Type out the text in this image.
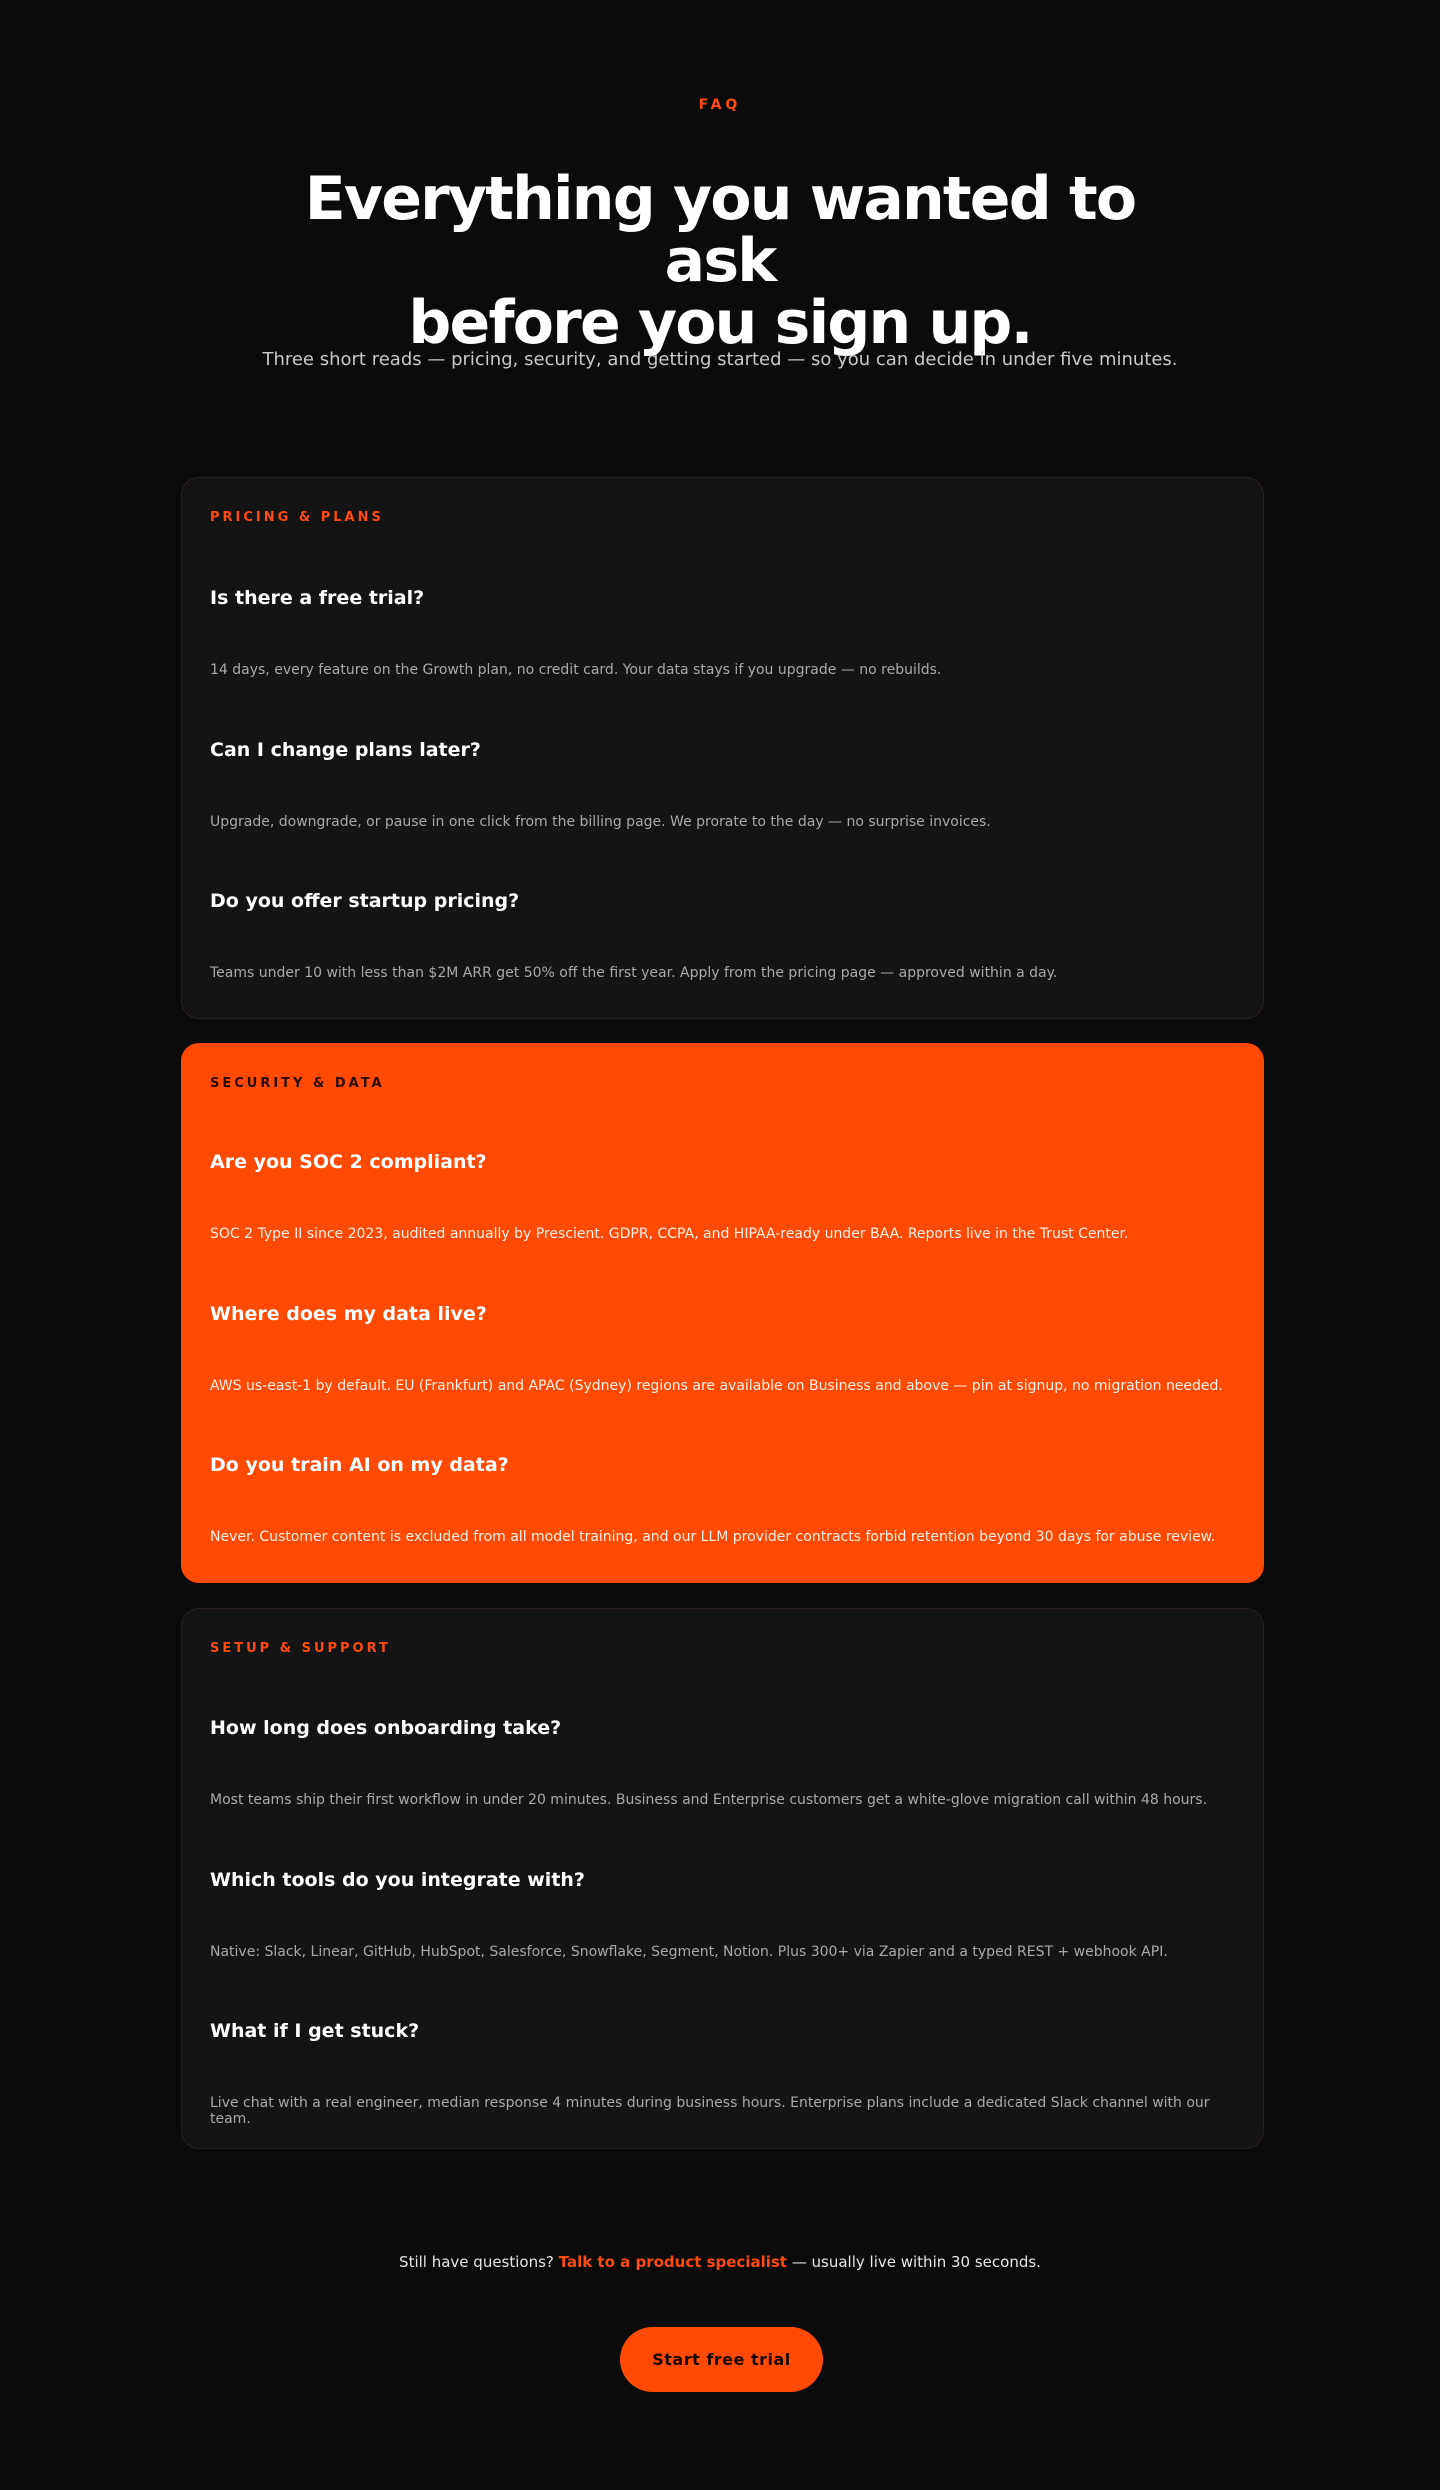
FAQ
Everything you wanted to ask
before you sign up.

Three short reads — pricing, security, and getting started — so you can decide in under five minutes.

PRICING & PLANS
Is there a free trial?
14 days, every feature on the Growth plan, no credit card. Your data stays if you upgrade — no rebuilds.
Can I change plans later?
Upgrade, downgrade, or pause in one click from the billing page. We prorate to the day — no surprise invoices.
Do you offer startup pricing?
Teams under 10 with less than $2M ARR get 50% off the first year. Apply from the pricing page — approved within a day.
SECURITY & DATA
Are you SOC 2 compliant?
SOC 2 Type II since 2023, audited annually by Prescient. GDPR, CCPA, and HIPAA-ready under BAA. Reports live in the Trust Center.
Where does my data live?
AWS us-east-1 by default. EU (Frankfurt) and APAC (Sydney) regions are available on Business and above — pin at signup, no migration needed.
Do you train AI on my data?
Never. Customer content is excluded from all model training, and our LLM provider contracts forbid retention beyond 30 days for abuse review.
SETUP & SUPPORT
How long does onboarding take?
Most teams ship their first workflow in under 20 minutes. Business and Enterprise customers get a white-glove migration call within 48 hours.
Which tools do you integrate with?
Native: Slack, Linear, GitHub, HubSpot, Salesforce, Snowflake, Segment, Notion. Plus 300+ via Zapier and a typed REST + webhook API.
What if I get stuck?
Live chat with a real engineer, median response 4 minutes during business hours. Enterprise plans include a dedicated Slack channel with our team.

Still have questions? Talk to a product specialist — usually live within 30 seconds.

Start free trial
